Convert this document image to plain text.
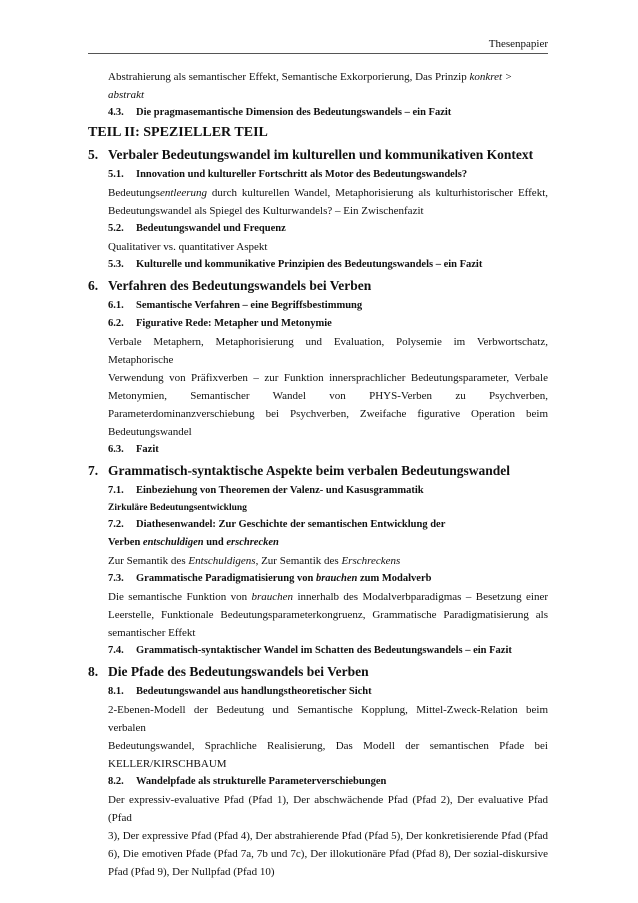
Thesenpapier

Abstrahierung als semantischer Effekt, Semantische Exkorporierung, Das Prinzip konkret > abstrakt

4.3.	Die pragmasemantische Dimension des Bedeutungswandels – ein Fazit
TEIL II: SPEZIELLER TEIL
5. Verbaler Bedeutungswandel im kulturellen und kommunikativen Kontext
5.1.	Innovation und kultureller Fortschritt als Motor des Bedeutungswandels?

Bedeutungsentleerung durch kulturellen Wandel, Metaphorisierung als kulturhistorischer Effekt,

Bedeutungswandel als Spiegel des Kulturwandels? – Ein Zwischenfazit

5.2.	Bedeutungswandel und Frequenz

Qualitativer vs. quantitativer Aspekt

5.3.	Kulturelle und kommunikative Prinzipien des Bedeutungswandels – ein Fazit
6. Verfahren des Bedeutungswandels bei Verben
6.1.	Semantische Verfahren – eine Begriffsbestimmung
6.2.	Figurative Rede: Metapher und Metonymie

Verbale Metaphern, Metaphorisierung und Evaluation, Polysemie im Verbwortschatz, Metaphorische

Verwendung von Präfixverben – zur Funktion innersprachlicher Bedeutungsparameter, Verbale

Metonymien, Semantischer Wandel von PHYS-Verben zu Psychverben,

Parameterdominanzverschiebung bei Psychverben, Zweifache figurative Operation beim

Bedeutungswandel

6.3.	Fazit
7. Grammatisch-syntaktische Aspekte beim verbalen Bedeutungswandel
7.1.	Einbeziehung von Theoremen der Valenz- und Kasusgrammatik
Zirkuläre Bedeutungsentwicklung
7.2.	Diathesenwandel: Zur Geschichte der semantischen Entwicklung der
Verben
entschuldigen
und
erschrecken

Zur Semantik des Entschuldigens, Zur Semantik des Erschreckens

7.3.	Grammatische Paradigmatisierung von brauchen zum Modalverb

Die semantische Funktion von brauchen innerhalb des Modalverbparadigmas – Besetzung einer

Leerstelle, Funktionale Bedeutungsparameterkongruenz, Grammatische Paradigmatisierung als

semantischer Effekt

7.4.	Grammatisch-syntaktischer Wandel im Schatten des Bedeutungswandels – ein Fazit
8. Die Pfade des Bedeutungswandels bei Verben
8.1.	Bedeutungswandel aus handlungstheoretischer Sicht

2-Ebenen-Modell der Bedeutung und Semantische Kopplung, Mittel-Zweck-Relation beim verbalen

Bedeutungswandel, Sprachliche Realisierung, Das Modell der semantischen Pfade bei

KELLER/KIRSCHBAUM

8.2.	Wandelpfade als strukturelle Parameterverschiebungen

Der expressiv-evaluative Pfad (Pfad 1), Der abschwächende Pfad (Pfad 2), Der evaluative Pfad (Pfad

3), Der expressive Pfad (Pfad 4), Der abstrahierende Pfad (Pfad 5), Der konkretisierende Pfad (Pfad

6), Die emotiven Pfade (Pfad 7a, 7b und 7c), Der illokutionäre Pfad (Pfad 8), Der sozial-diskursive

Pfad (Pfad 9), Der Nullpfad (Pfad 10)
